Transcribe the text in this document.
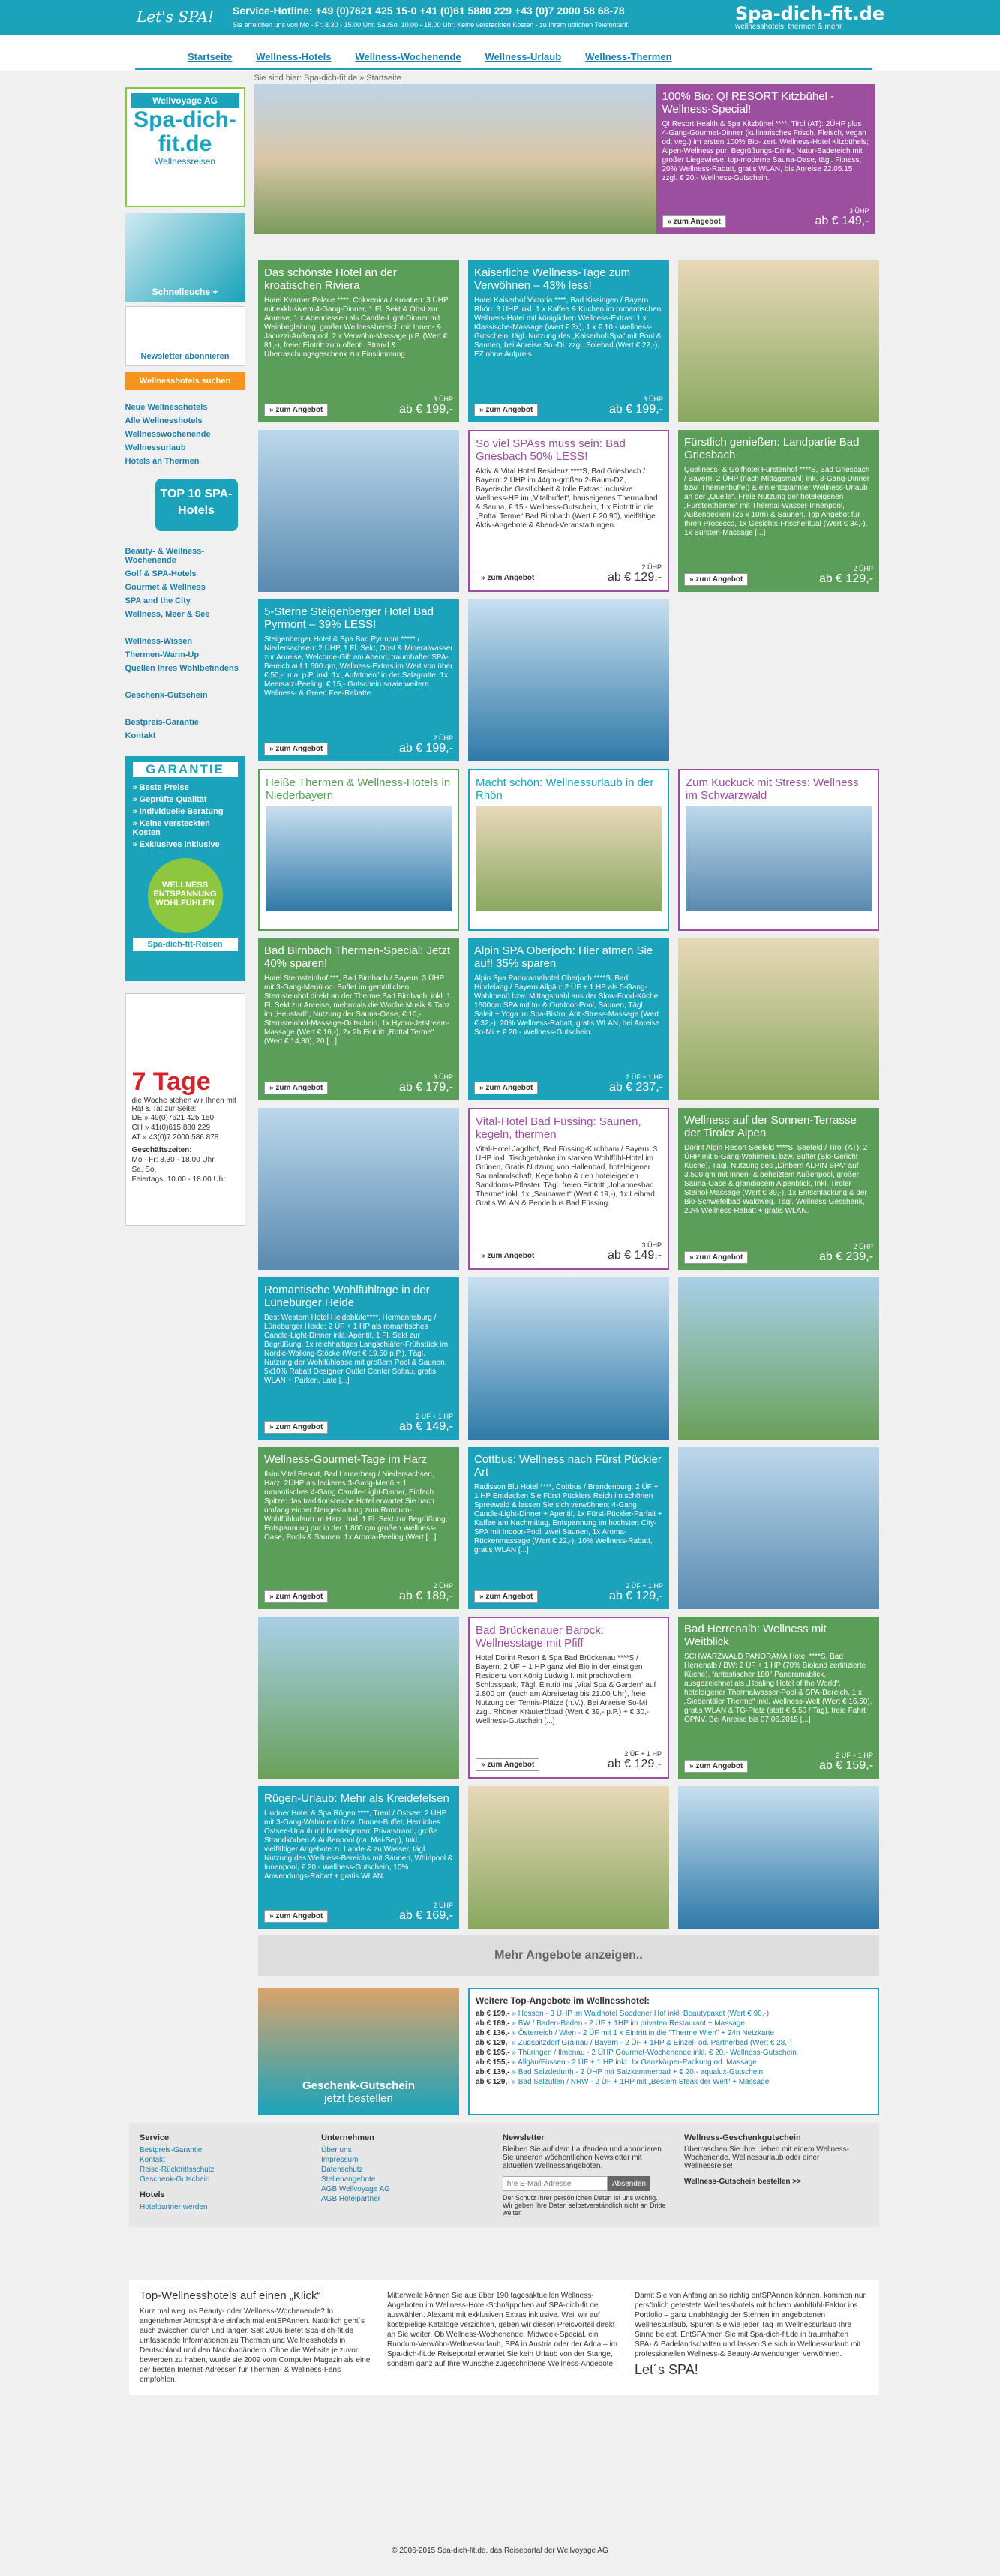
Let's SPA! Service-Hotline: +49 (0)7621 425 15-0 +41 (0)61 5880 229 +43 (0)7 2000 58 68-78
Sie erreichen uns von Mo - Fr. 8.30 - 15.00 Uhr, Sa./So. 10.00 - 18.00 Uhr. Keine versteckten Kosten - zu Ihrem üblichen Telefontarif.
Spa-dich-fit.de
wellnesshotels, thermen & mehr
Startseite Wellness-Hotels Wellness-Wochenende Wellness-Urlaub Wellness-Thermen
Wellvoyage AG
Spa-dich-fit.de
Wellnessreisen
Schnellsuche +
Newsletter abonnieren
Wellnesshotels suchen
Neue Wellnesshotels
Alle Wellnesshotels
Wellnesswochenende
Wellnessurlaub
Hotels an Thermen
TOP 10 SPA-Hotels
Beauty- & Wellness-Wochenende
Golf & SPA-Hotels
Gourmet & Wellness
SPA and the City
Wellness, Meer & See
Wellness-Wissen
Thermen-Warm-Up
Quellen Ihres Wohlbefindens
Geschenk-Gutschein
Bestpreis-Garantie
Kontakt
GARANTIE
» Beste Preise
» Geprüfte Qualität
» Individuelle Beratung
» Keine versteckten Kosten
» Exklusives Inklusive
WELLNESS ENTSPANNUNG WOHLFÜHLEN
Spa-dich-fit-Reisen
7 Tage
die Woche stehen wir Ihnen mit Rat & Tat zur Seite:
DE » 49(0)7621 425 150
CH » 41(0)615 880 229
AT » 43(0)7 2000 586 878
Geschäftszeiten:
Mo - Fr: 8.30 - 18.00 Uhr
Sa, So,
Feiertags: 10.00 - 18.00 Uhr
Sie sind hier: Spa-dich-fit.de » Startseite
100% Bio: Q! RESORT Kitzbühel - Wellness-Special!
Q! Resort Health & Spa Kitzbühel ****, Tirol (AT): 2ÜHP plus 4-Gang-Gourmet-Dinner (kulinarisches Frisch, Fleisch, vegan od. veg.) im ersten 100% Bio- zert. Wellness-Hotel Kitzbühels; Alpen-Wellness pur; Begrüßungs-Drink; Natur-Badeteich mit großer Liegewiese, top-moderne Sauna-Oase, tägl. Fitness, 20% Wellness-Rabatt, gratis WLAN, bis Anreise 22.05.15 zzgl. € 20,- Wellness-Gutschein.
» zum Angebot
3 ÜHP
ab € 149,-
Das schönste Hotel an der kroatischen Riviera
Hotel Kvarner Palace ****, Crikvenica / Kroatien: 3 ÜHP mit exklusivem 4-Gang-Dinner, 1 Fl. Sekt & Obst zur Anreise, 1 x Abendessen als Candle-Light-Dinner mit Weinbegleitung, großer Wellnessbereich mit Innen- & Jacuzzi-Außenpool, 2 x Verwöhn-Massage p.P. (Wert € 81,-), freier Eintritt zum offentl. Strand & Überraschungsgeschenk zur Einstimmung
» zum Angebot
3 ÜHP
ab € 199,-
Kaiserliche Wellness-Tage zum Verwöhnen – 43% less!
Hotel Kaiserhof Victoria ****, Bad Kissingen / Bayern Rhön: 3 ÜHP inkl. 1 x Kaffee & Kuchen im romantischen Wellness-Hotel mit königlichen Wellness-Extras: 1 x Klassische-Massage (Wert € 3x), 1 x € 10,- Wellness-Gutschein, tägl. Nutzung des „Kaiserhof-Spa“ mit Pool & Saunen, bei Anreise So.-Di. zzgl. Solebad (Wert € 22,-), EZ ohne Aufpreis.
» zum Angebot
3 ÜHP
ab € 199,-
So viel SPAss muss sein: Bad Griesbach 50% LESS!
Aktiv & Vital Hotel Residenz ****S, Bad Griesbach / Bayern: 2 ÜHP im 44qm-großen 2-Raum-DZ, Bayerische Gastlichkeit & tolle Extras: inclusive Wellness-HP im „Vitalbuffet“, hauseigenes Thermalbad & Sauna, € 15,- Wellness-Gutschein, 1 x Eintritt in die „Rottal Terme“ Bad Birnbach (Wert € 20,90), vielfältige Aktiv-Angebote & Abend-Veranstaltungen.
» zum Angebot
2 ÜHP
ab € 129,-
Fürstlich genießen: Landpartie Bad Griesbach
Quellness- & Golfhotel Fürstenhof ****S, Bad Griesbach / Bayern: 2 ÜHP (nach Mittagsmahl) ink. 3-Gang-Dinner bzw. Themenbuffet) & ein entspannter Wellness-Urlaub an der „Quelle“. Freie Nutzung der hoteleigenen „Fürstentherme“ mit Thermal-Wasser-Innenpool, Außenbecken (25 x 10m) & Saunen. Top Angebot für Ihren Prosecco, 1x Gesichts-Frischeritual (Wert € 34,-), 1x Bürsten-Massage [...]
» zum Angebot
2 ÜHP
ab € 129,-
5-Sterne Steigenberger Hotel Bad Pyrmont – 39% LESS!
Steigenberger Hotel & Spa Bad Pyrmont ***** / Niedersachsen: 2 ÜHP, 1 Fl. Sekt, Obst & Mineralwasser zur Anreise, Welcome-Gift am Abend, traumhafter SPA-Bereich auf 1.500 qm, Wellness-Extras im Wert von über € 50,-: u.a. p.P. inkl. 1x „Aufatmen“ in der Salzgrotte, 1x Meersalz-Peeling, € 15,- Gutschein sowie weitere Wellness- & Green Fee-Rabatte.
» zum Angebot
2 ÜHP
ab € 199,-
Heiße Thermen & Wellness-Hotels in Niederbayern
Macht schön: Wellnessurlaub in der Rhön
Zum Kuckuck mit Stress: Wellness im Schwarzwald
Bad Birnbach Thermen-Special: Jetzt 40% sparen!
Hotel Sternsteinhof ***, Bad Birnbach / Bayern: 3 ÜHP mit 3-Gang-Menü od. Buffet im gemütlichen Sternsteinhof direkt an der Therme Bad Birnbach, inkl. 1 Fl. Sekt zur Anreise, mehrmals die Woche Musik & Tanz im „Heustadl“, Nutzung der Sauna-Oase, € 10,- Sternsteinhof-Massage-Gutschein, 1x Hydro-Jetstream-Massage (Wert € 16,-), 2x 2h Eintritt „Rottal Terme“ (Wert € 14,80), 20 [...]
» zum Angebot
3 ÜHP
ab € 179,-
Alpin SPA Oberjoch: Hier atmen Sie auf! 35% sparen
Alpin Spa Panoramahotel Oberjoch ****S, Bad Hindelang / Bayern Allgäu: 2 ÜF + 1 HP als 5-Gang-Wahlmenü bzw. Mittagsmahl aus der Slow-Food-Küche, 1600qm SPA mit In- & Outdoor-Pool, Saunen, Tägl. Saleit + Yoga im Spa-Bistro, Anti-Stress-Massage (Wert € 32,-), 20% Wellness-Rabatt, gratis WLAN, bei Anreise So-Mi + € 20,- Wellness-Gutschein.
» zum Angebot
2 ÜF + 1 HP
ab € 237,-
Vital-Hotel Bad Füssing: Saunen, kegeln, thermen
Vital-Hotel Jagdhof, Bad Füssing-Kirchham / Bayern: 3 ÜHP inkl. Tischgetränke im starken Wohlfühl-Hotel im Grünen, Gratis Nutzung von Hallenbad, hoteleigener Saunalandschaft, Kegelbahn & den hoteleigenen Sanddorns-Pflaster. Tägl. freien Eintritt „Johannesbad Therme“ inkl. 1x „Saunawelt“ (Wert € 19,-), 1x Leihrad, Gratis WLAN & Pendelbus Bad Füssing.
» zum Angebot
3 ÜHP
ab € 149,-
Wellness auf der Sonnen-Terrasse der Tiroler Alpen
Dorint Alpin Resort Seefeld ****S, Seefeld / Tirol (AT): 2 ÜHP mit 5-Gang-Wahlmenü bzw. Buffet (Bio-Gericht Küche), Tägl. Nutzung des „Dinbern ALPIN SPA“ auf 3.500 qm mit Innen- & beheiztem Außenpool, großer Sauna-Oase & grandiosem Alpenblick, Inkl. Tiroler Steinöl-Massage (Wert € 39,-), 1x Entschlackung & der Bio-Schwefelbad Waldweg. Tägl. Wellness-Geschenk, 20% Wellness-Rabatt + gratis WLAN.
» zum Angebot
2 ÜHP
ab € 239,-
Romantische Wohlfühltage in der Lüneburger Heide
Best Western Hotel Heideblüte****, Hermannsburg / Lüneburger Heide: 2 ÜF + 1 HP als romantisches Candle-Light-Dinner inkl. Aperitif, 1 Fl. Sekt zur Begrüßung, 1x reichhaltiges Langschläfer-Frühstück im Nordic-Walking-Stöcke (Wert € 19,50 p.P.), Tägl. Nutzung der Wohlfühloase mit großem Pool & Saunen, 5x10% Rabatt Designer Outlet Center Soltau, gratis WLAN + Parken, Late [...]
» zum Angebot
2 ÜF + 1 HP
ab € 149,-
Wellness-Gourmet-Tage im Harz
Ilsini Vital Resort, Bad Lauterberg / Niedersachsen, Harz: 2ÜHP als leckeres 3-Gang-Menü + 1 romantisches 4-Gang Candle-Light-Dinner, Einfach Spitze: das traditionsreiche Hotel erwartet Sie nach umfangreicher Neugestaltung zum Rundum-Wohlfühlurlaub im Harz. Inkl. 1 Fl. Sekt zur Begrüßung, Entspannung pur in der 1.800 qm großen Wellness-Oase, Pools & Saunen, 1x Aroma-Peeling (Wert [...]
» zum Angebot
2 ÜHP
ab € 189,-
Cottbus: Wellness nach Fürst Pückler Art
Radisson Blu Hotel ****, Cottbus / Brandenburg: 2 ÜF + 1 HP Entdecken Sie Fürst Pücklers Reich im schönen Spreewald & lassen Sie sich verwöhnen: 4-Gang Candle-Light-Dinner + Aperitif, 1x Fürst-Pückler-Parfait + Kaffee am Nachmittag, Entspannung im hochsten City-SPA mit Indoor-Pool, zwei Saunen, 1x Aroma-Rückenmassage (Wert € 22,-), 10% Wellness-Rabatt, gratis WLAN [...]
» zum Angebot
2 ÜF + 1 HP
ab € 129,-
Bad Brückenauer Barock: Wellnesstage mit Pfiff
Hotel Dorint Resort & Spa Bad Brückenau ****S / Bayern: 2 ÜF + 1 HP ganz viel Bio in der einstigen Residenz von König Ludwig I. mit prachtvollem Schlosspark; Tägl. Eintritt ins „Vital Spa & Garden“ auf 2.800 qm (auch am Abreisetag bis 21.00 Uhr), freie Nutzung der Tennis-Plätze (n.V.), Bei Anreise So-Mi zzgl. Rhöner Kräuterölbad (Wert € 39,- p.P.) + € 30,- Wellness-Gutschein [...]
» zum Angebot
2 ÜF + 1 HP
ab € 129,-
Bad Herrenalb: Wellness mit Weitblick
SCHWARZWALD PANORAMA Hotel ****S, Bad Herrenalb / BW: 2 ÜF + 1 HP (70% Bioland zertifizierte Küche), fantastischer 180° Panoramablick, ausgezeichnet als „Healing Hotel of the World“, hoteleigener Thermalwasser-Pool & SPA-Bereich, 1 x „Siebentäler Therme“ inkl. Wellness-Welt (Wert € 16,50), gratis WLAN & TG-Platz (statt € 5,50 / Tag), freie Fahrt ÖPNV. Bei Anreise bis 07.06.2015 [...]
» zum Angebot
2 ÜF + 1 HP
ab € 159,-
Rügen-Urlaub: Mehr als Kreidefelsen
Lindner Hotel & Spa Rügen ****, Trent / Ostsee: 2 ÜHP mit 3-Gang-Wahlmenü bzw. Dinner-Buffet, Herrliches Ostsee-Urlaub mit hoteleigenem Privatstrand, große Strandkörben & Außenpool (ca. Mai-Sep), Inkl. vielfältiger Angebote zu Lande & zu Wasser, tägl. Nutzung des Wellness-Bereichs mit Saunen, Whirlpool & Innenpool, € 20,- Wellness-Gutschein, 10% Anwendungs-Rabatt + gratis WLAN.
» zum Angebot
2 ÜHP
ab € 169,-
Mehr Angebote anzeigen..
Geschenk-Gutschein
jetzt bestellen
Weitere Top-Angebote im Wellnesshotel:
ab € 199,- » Hessen - 3 ÜHP im Waldhotel Soodener Hof inkl. Beautypaket (Wert € 90,-)
ab € 189,- » BW / Baden-Baden - 2 ÜF + 1HP im privaten Restaurant + Massage
ab € 136,- » Österreich / Wien - 2 ÜF mit 1 x Eintritt in die "Therme Wien" + 24h Netzkarte
ab € 129,- » Zugspitzdorf Grainau / Bayern - 2 ÜF + 1HP & Einzel- od. Partnerbad (Wert € 28,-)
ab € 195,- » Thüringen / Ilmenau - 2 ÜHP Gourmet-Wochenende inkl. € 20,- Wellness-Gutschein
ab € 155,- » Allgäu/Füssen - 2 ÜF + 1 HP inkl. 1x Ganzkörper-Packung od. Massage
ab € 139,- » Bad Salzdetfurth - 2 ÜHP mit Salzkammerbad + € 20,- aqualux-Gutschein
ab € 129,- » Bad Salzuflen / NRW - 2 ÜF + 1HP mit „Bestem Steak der Welt“ + Massage
Service
Bestpreis-Garantie
Kontakt
Reise-Rücktrittsschutz
Geschenk-Gutschein
Hotels
Hotelpartner werden
Unternehmen
Über uns
Impressum
Datenschutz
Stellenangebote
AGB Wellvoyage AG
AGB Hotelpartner
Newsletter
Bleiben Sie auf dem Laufenden und abonnieren Sie unseren wöchentlichen Newsletter mit aktuellen Wellnessangeboten.
Ihre E-Mail-Adresse
Absenden
Der Schutz Ihrer persönlichen Daten ist uns wichtig. Wir geben Ihre Daten selbstverständlich nicht an Dritte weiter.
Wellness-Geschenkgutschein
Überraschen Sie Ihre Lieben mit einem Wellness-Wochenende, Wellnessurlaub oder einer Wellnessreise!
Wellness-Gutschein bestellen >>
Top-Wellnesshotels auf einen „Klick“
Kurz mal weg ins Beauty- oder Wellness-Wochenende? In angenehmer Atmosphäre einfach mal entSPAnnen. Natürlich geht´s auch zwischen durch und länger. Seit 2006 bietet Spa-dich-fit.de umfassende Informationen zu Thermen und Wellnesshotels in Deutschland und den Nachbarländern. Ohne die Website je zuvor bewerben zu haben, wurde sie 2009 vom Computer Magazin als eine der besten Internet-Adressen für Thermen- & Wellness-Fans empfohlen.
Mitterweile können Sie aus über 190 tagesaktuellen Wellness-Angeboten im Wellness-Hotel-Schnäppchen auf SPA-dich-fit.de auswählen. Alexamt mit exklusiven Extras inklusive. Weil wir auf kostspielige Kataloge verzichten, geben wir diesen Preisvorteil direkt an Sie weiter. Ob Wellness-Wochenende, Midweek-Special, ein Rundum-Verwöhn-Wellnessurlaub, SPA in Austria oder der Adria – im Spa-dich-fit.de Reiseportal erwartet Sie kein Urlaub von der Stange, sondern ganz auf Ihre Wünsche zugeschnittene Wellness-Angebote.
Damit Sie von Anfang an so richtig entSPAnnen können, kommen nur persönlich getestete Wellnesshotels mit hohem Wohlfühl-Faktor ins Portfolio – ganz unabhängig der Sternen im angebotenen Wellnessurlaub. Spüren Sie wie jeder Tag im Wellnessurlaub Ihre Sinne belebt. EntSPAnnen Sie mit Spa-dich-fit.de in traumhaften SPA- & Badelandschaften und lassen Sie sich in Wellnessurlaub mit professionellen Wellness-& Beauty-Anwendungen verwöhnen.
Let´s SPA!
© 2006-2015 Spa-dich-fit.de, das Reiseportal der Wellvoyage AG
